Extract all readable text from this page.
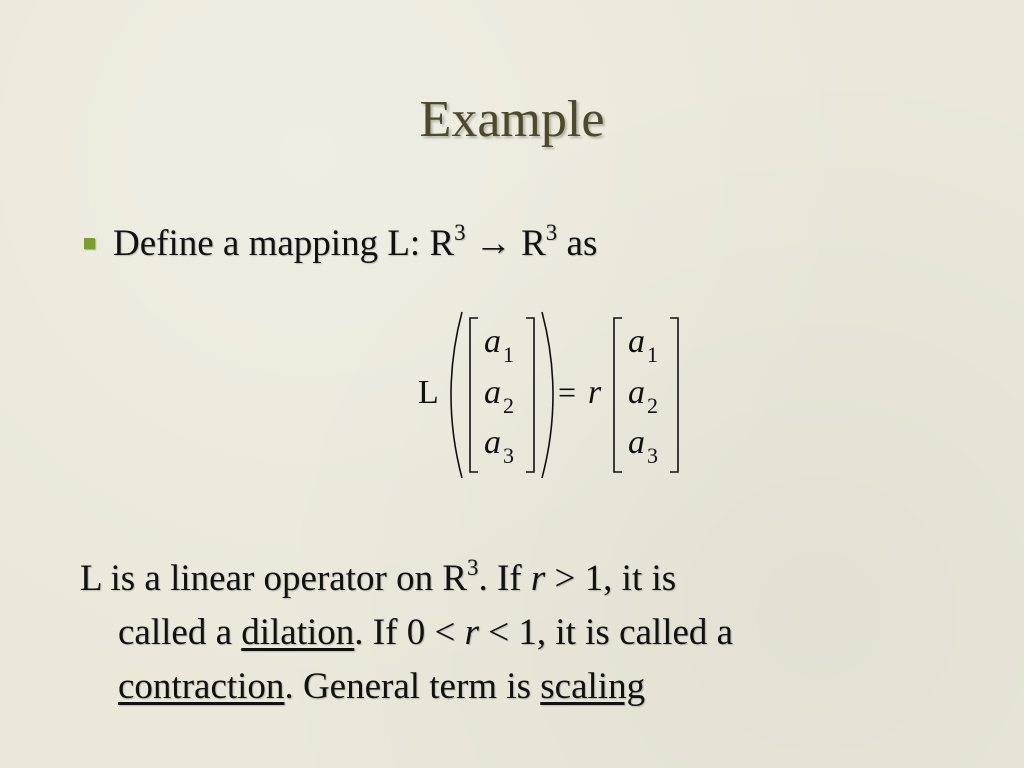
Example
Define a mapping L: $R^3 \to R^3$ as
L
a 1
a 2
a 3
= r
a 1
a 2
a 3
L is a linear operator on $R^3$. If r > 1, it is
called a dilation. If 0 < r < 1, it is called a
contraction. General term is scaling
